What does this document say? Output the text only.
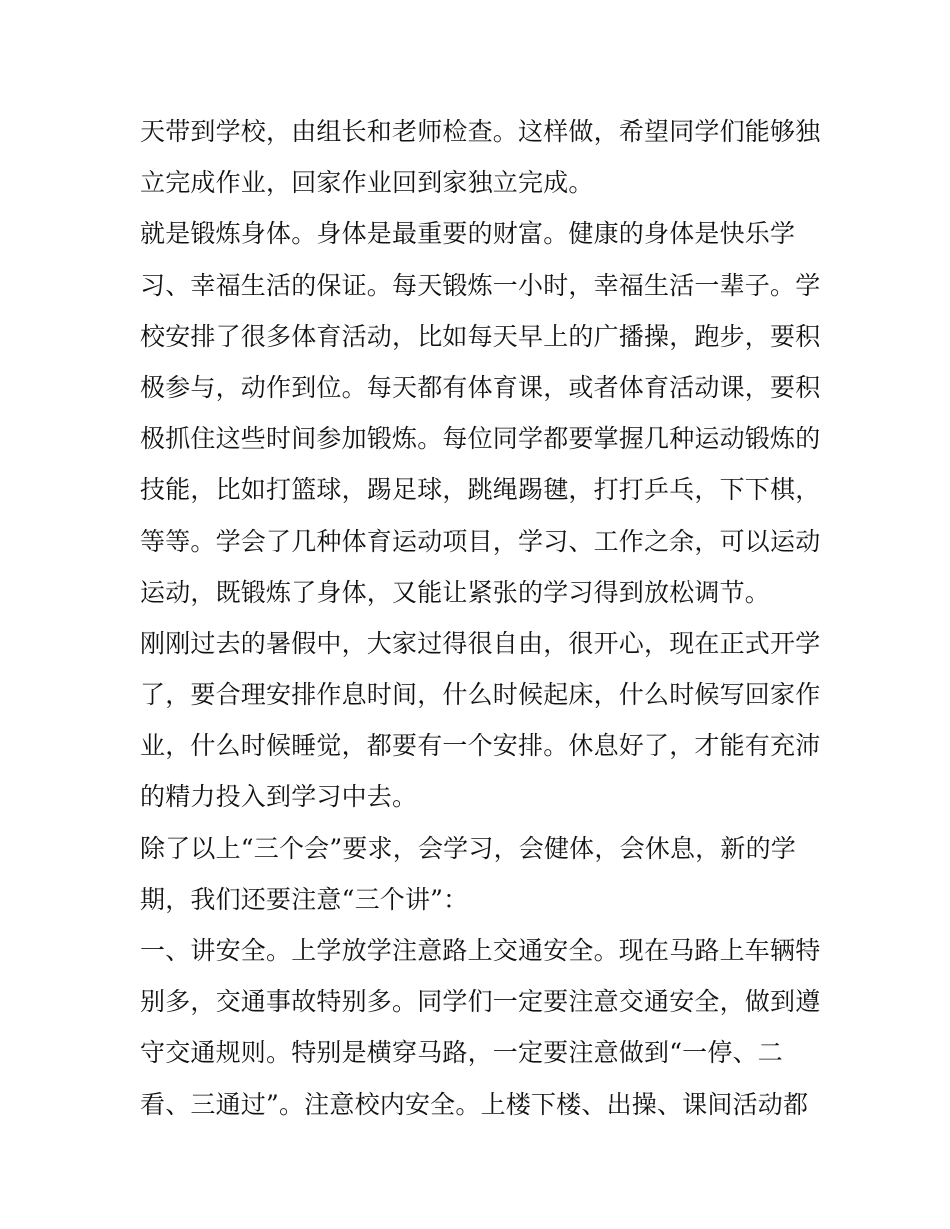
天带到学校，由组长和老师检查。这样做，希望同学们能够独
立完成作业，回家作业回到家独立完成。
就是锻炼身体。身体是最重要的财富。健康的身体是快乐学
习、幸福生活的保证。每天锻炼一小时，幸福生活一辈子。学
校安排了很多体育活动，比如每天早上的广播操，跑步，要积
极参与，动作到位。每天都有体育课，或者体育活动课，要积
极抓住这些时间参加锻炼。每位同学都要掌握几种运动锻炼的
技能，比如打篮球，踢足球，跳绳踢毽，打打乒乓，下下棋，
等等。学会了几种体育运动项目，学习、工作之余，可以运动
运动，既锻炼了身体，又能让紧张的学习得到放松调节。
刚刚过去的暑假中，大家过得很自由，很开心，现在正式开学
了，要合理安排作息时间，什么时候起床，什么时候写回家作
业，什么时候睡觉，都要有一个安排。休息好了，才能有充沛
的精力投入到学习中去。
除了以上“三个会”要求，会学习，会健体，会休息，新的学
期，我们还要注意“三个讲”：
一、讲安全。上学放学注意路上交通安全。现在马路上车辆特
别多，交通事故特别多。同学们一定要注意交通安全，做到遵
守交通规则。特别是横穿马路，一定要注意做到“一停、二
看、三通过”。注意校内安全。上楼下楼、出操、课间活动都
